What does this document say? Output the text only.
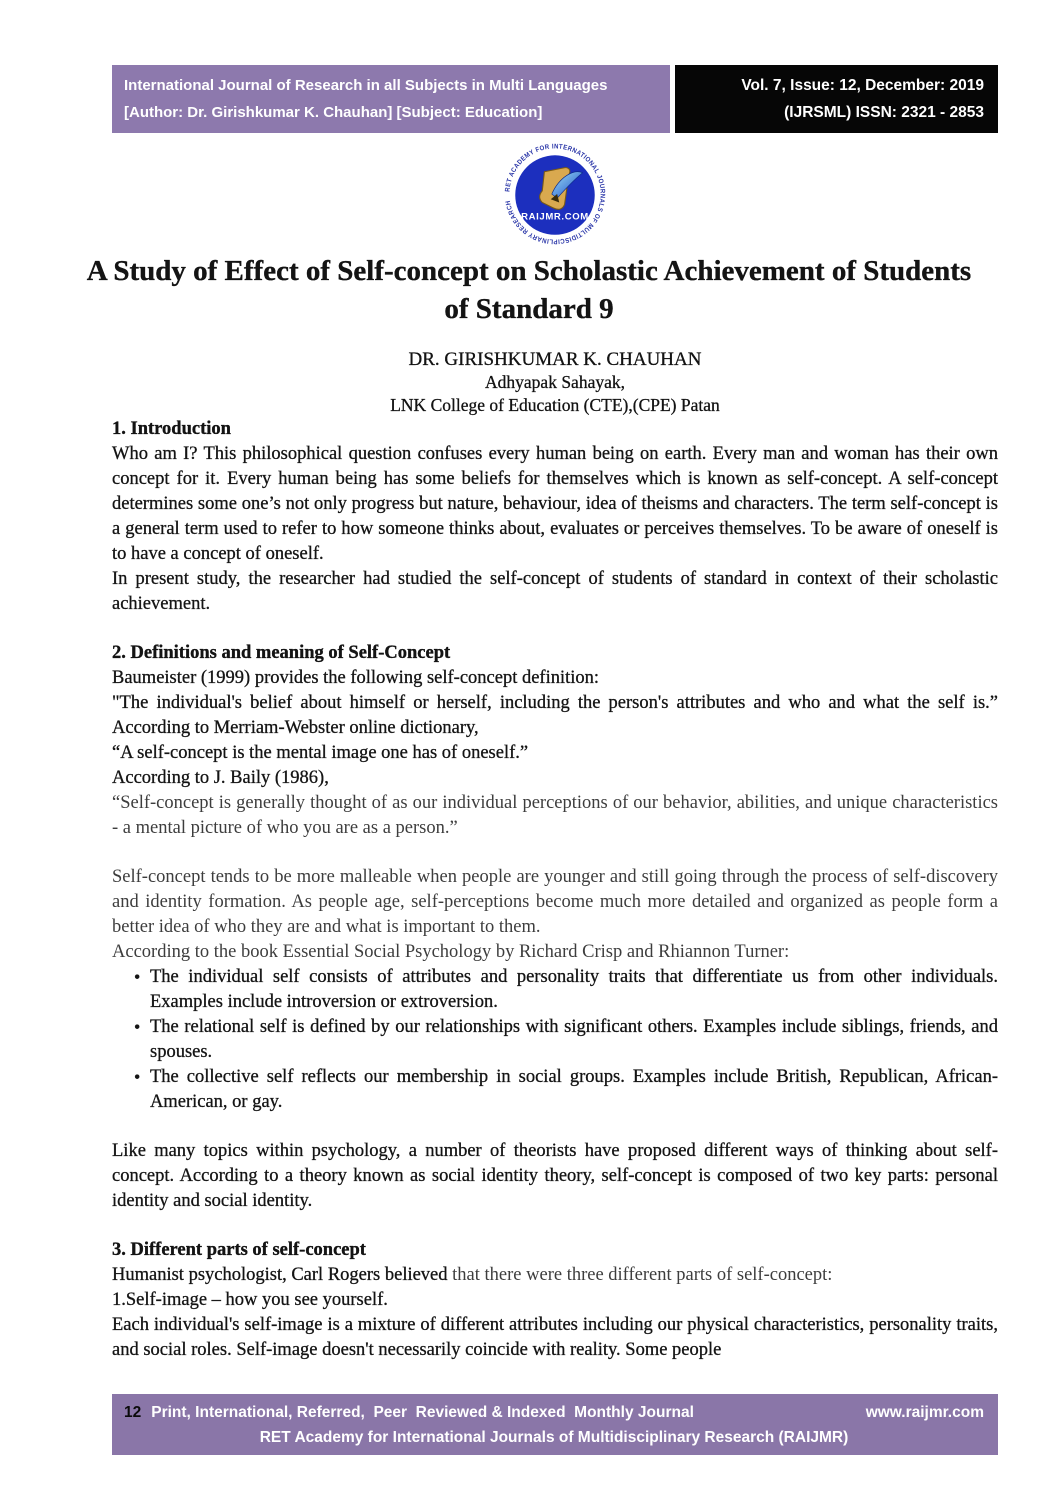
International Journal of Research in all Subjects in Multi Languages
[Author: Dr. Girishkumar K. Chauhan] [Subject: Education]
Vol. 7, Issue: 12, December: 2019
(IJRSML) ISSN: 2321 - 2853
RET ACADEMY FOR INTERNATIONAL JOURNALS OF MULTIDISCIPLINARY RESEARCH
RAIJMR.COM
A Study of Effect of Self-concept on Scholastic Achievement of Students of Standard 9
DR. GIRISHKUMAR K. CHAUHAN
Adhyapak Sahayak,
LNK College of Education (CTE),(CPE) Patan
1. Introduction

Who am I? This philosophical question confuses every human being on earth. Every man and woman has their own concept for it. Every human being has some beliefs for themselves which is known as self-concept. A self-concept determines some one’s not only progress but nature, behaviour, idea of theisms and characters. The term self-concept is a general term used to refer to how someone thinks about, evaluates or perceives themselves. To be aware of oneself is to have a concept of oneself.

In present study, the researcher had studied the self-concept of students of standard in context of their scholastic achievement.

2. Definitions and meaning of Self-Concept

Baumeister (1999) provides the following self-concept definition:

"The individual's belief about himself or herself, including the person's attributes and who and what the self is.” According to Merriam-Webster online dictionary,

“A self-concept is the mental image one has of oneself.”

According to J. Baily (1986),

“Self-concept is generally thought of as our individual perceptions of our behavior, abilities, and unique characteristics - a mental picture of who you are as a person.”

Self-concept tends to be more malleable when people are younger and still going through the process of self-discovery and identity formation. As people age, self-perceptions become much more detailed and organized as people form a better idea of who they are and what is important to them.

According to the book Essential Social Psychology by Richard Crisp and Rhiannon Turner:

• The individual self consists of attributes and personality traits that differentiate us from other individuals. Examples include introversion or extroversion.
• The relational self is defined by our relationships with significant others. Examples include siblings, friends, and spouses.
• The collective self reflects our membership in social groups. Examples include British, Republican, African-American, or gay.

Like many topics within psychology, a number of theorists have proposed different ways of thinking about self-concept. According to a theory known as social identity theory, self-concept is composed of two key parts: personal identity and social identity.

3. Different parts of self-concept

Humanist psychologist, Carl Rogers believed that there were three different parts of self-concept:

1.Self-image – how you see yourself.

Each individual's self-image is a mixture of different attributes including our physical characteristics, personality traits, and social roles. Self-image doesn't necessarily coincide with reality. Some people

12 Print, International, Referred,  Peer  Reviewed & Indexed  Monthly Journal	www.raijmr.com
RET Academy for International Journals of Multidisciplinary Research (RAIJMR)
